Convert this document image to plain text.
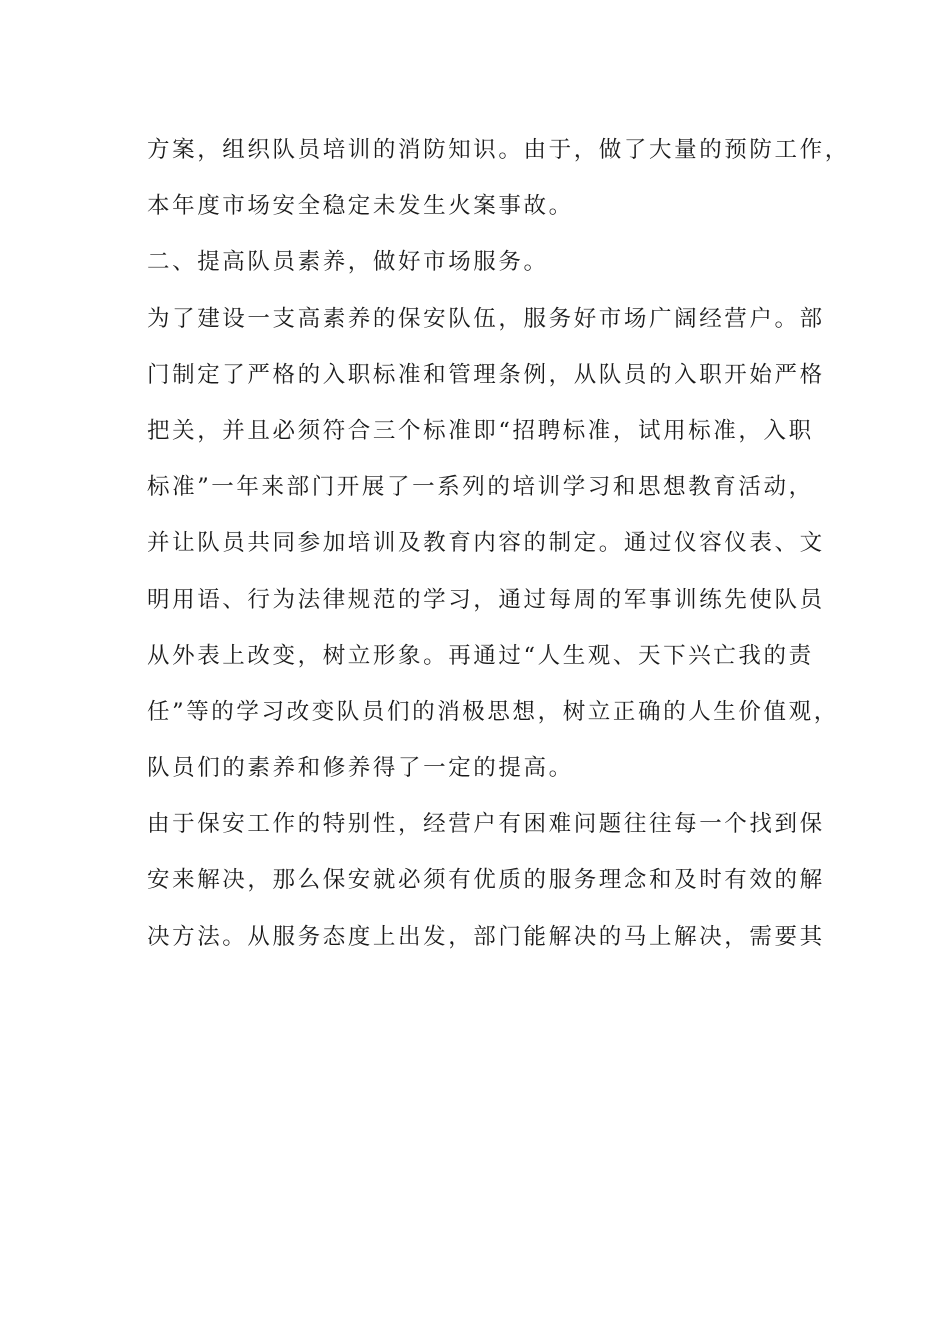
方案，组织队员培训的消防知识。由于，做了大量的预防工作，
本年度市场安全稳定未发生火案事故。
二、提高队员素养，做好市场服务。
为了建设一支高素养的保安队伍，服务好市场广阔经营户。部
门制定了严格的入职标准和管理条例，从队员的入职开始严格
把关，并且必须符合三个标准即“招聘标准，试用标准，入职
标准”一年来部门开展了一系列的培训学习和思想教育活动，
并让队员共同参加培训及教育内容的制定。通过仪容仪表、文
明用语、行为法律规范的学习，通过每周的军事训练先使队员
从外表上改变，树立形象。再通过“人生观、天下兴亡我的责
任”等的学习改变队员们的消极思想，树立正确的人生价值观，
队员们的素养和修养得了一定的提高。
由于保安工作的特别性，经营户有困难问题往往每一个找到保
安来解决，那么保安就必须有优质的服务理念和及时有效的解
决方法。从服务态度上出发，部门能解决的马上解决，需要其
